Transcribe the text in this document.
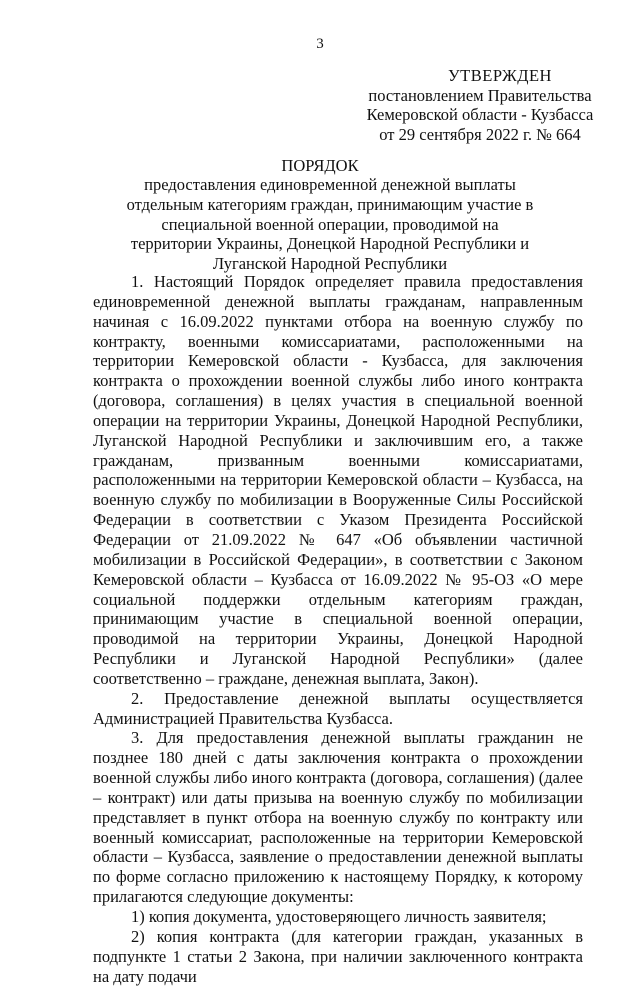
3
УТВЕРЖДЕН
постановлением Правительства
Кемеровской области - Кузбасса
от 29 сентября 2022 г. № 664
ПОРЯДОК
предоставления единовременной денежной выплаты отдельным категориям граждан, принимающим участие в специальной военной операции, проводимой на территории Украины, Донецкой Народной Республики и Луганской Народной Республики

1. Настоящий Порядок определяет правила предоставления единовременной денежной выплаты гражданам, направленным начиная с 16.09.2022 пунктами отбора на военную службу по контракту, военными комиссариатами, расположенными на территории Кемеровской области - Кузбасса, для заключения контракта о прохождении военной службы либо иного контракта (договора, соглашения) в целях участия в специальной военной операции на территории Украины, Донецкой Народной Республики, Луганской Народной Республики и заключившим его, а также гражданам, призванным военными комиссариатами, расположенными на территории Кемеровской области – Кузбасса, на военную службу по мобилизации в Вооруженные Силы Российской Федерации в соответствии с Указом Президента Российской Федерации от 21.09.2022 № 647 «Об объявлении частичной мобилизации в Российской Федерации», в соответствии с Законом Кемеровской области – Кузбасса от 16.09.2022 № 95-ОЗ «О мере социальной поддержки отдельным категориям граждан, принимающим участие в специальной военной операции, проводимой на территории Украины, Донецкой Народной Республики и Луганской Народной Республики» (далее соответственно – граждане, денежная выплата, Закон).

2. Предоставление денежной выплаты осуществляется Администрацией Правительства Кузбасса.

3. Для предоставления денежной выплаты гражданин не позднее 180 дней с даты заключения контракта о прохождении военной службы либо иного контракта (договора, соглашения) (далее – контракт) или даты призыва на военную службу по мобилизации представляет в пункт отбора на военную службу по контракту или военный комиссариат, расположенные на территории Кемеровской области – Кузбасса, заявление о предоставлении денежной выплаты по форме согласно приложению к настоящему Порядку, к которому прилагаются следующие документы:

1) копия документа, удостоверяющего личность заявителя;

2) копия контракта (для категории граждан, указанных в подпункте 1 статьи 2 Закона, при наличии заключенного контракта на дату подачи
